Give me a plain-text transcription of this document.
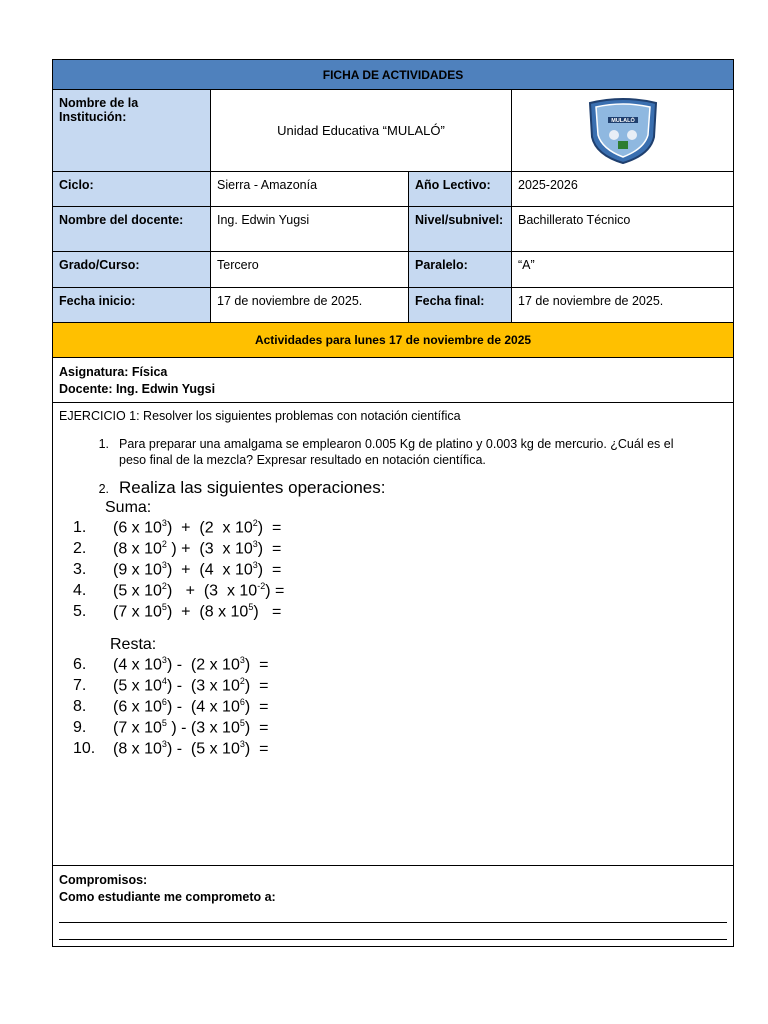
FICHA DE ACTIVIDADES
Nombre de la Institución:
Unidad Educativa “MULALÓ”
MULALÓ
Ciclo:	Sierra - Amazonía	Año Lectivo:	2025-2026
Nombre del docente:	Ing. Edwin Yugsi	Nivel/subnivel:	Bachillerato Técnico
Grado/Curso:	Tercero	Paralelo:	“A”
Fecha inicio:	17 de noviembre de 2025.	Fecha final:	17 de noviembre de 2025.
Actividades para lunes 17 de noviembre de 2025
Asignatura: Física
Docente: Ing. Edwin Yugsi
EJERCICIO 1: Resolver los siguientes problemas con notación científica
1. Para preparar una amalgama se emplearon 0.005 Kg de platino y 0.003 kg de mercurio. ¿Cuál es el peso final de la mezcla? Expresar resultado en notación científica.
2. Realiza las siguientes operaciones:
Suma:
1.	(6 x $10^3) + (2$  x $10^2$)  =
2.	(8 x $10^2$ ) +  (3  x $10^3$)  =
3.	(9 x $10^3) + (4$  x $10^3$)  =
4.	(5 x $10^2) + (3$  x $10^{-2}$) =
5.	(7 x $10^5) + (8$ x $10^5$)   =
Resta:
6.	(4 x $10^3) - (2$ x $10^3$)  =
7.	(5 x $10^4) - (3$ x $10^2$)  =
8.	(6 x $10^6) - (4$ x $10^6$)  =
9.	(7 x $10^5$ ) - (3 x $10^5$)  =
10.	(8 x $10^3) - (5$ x $10^3$)  =
Compromisos:
Como estudiante me comprometo a:
